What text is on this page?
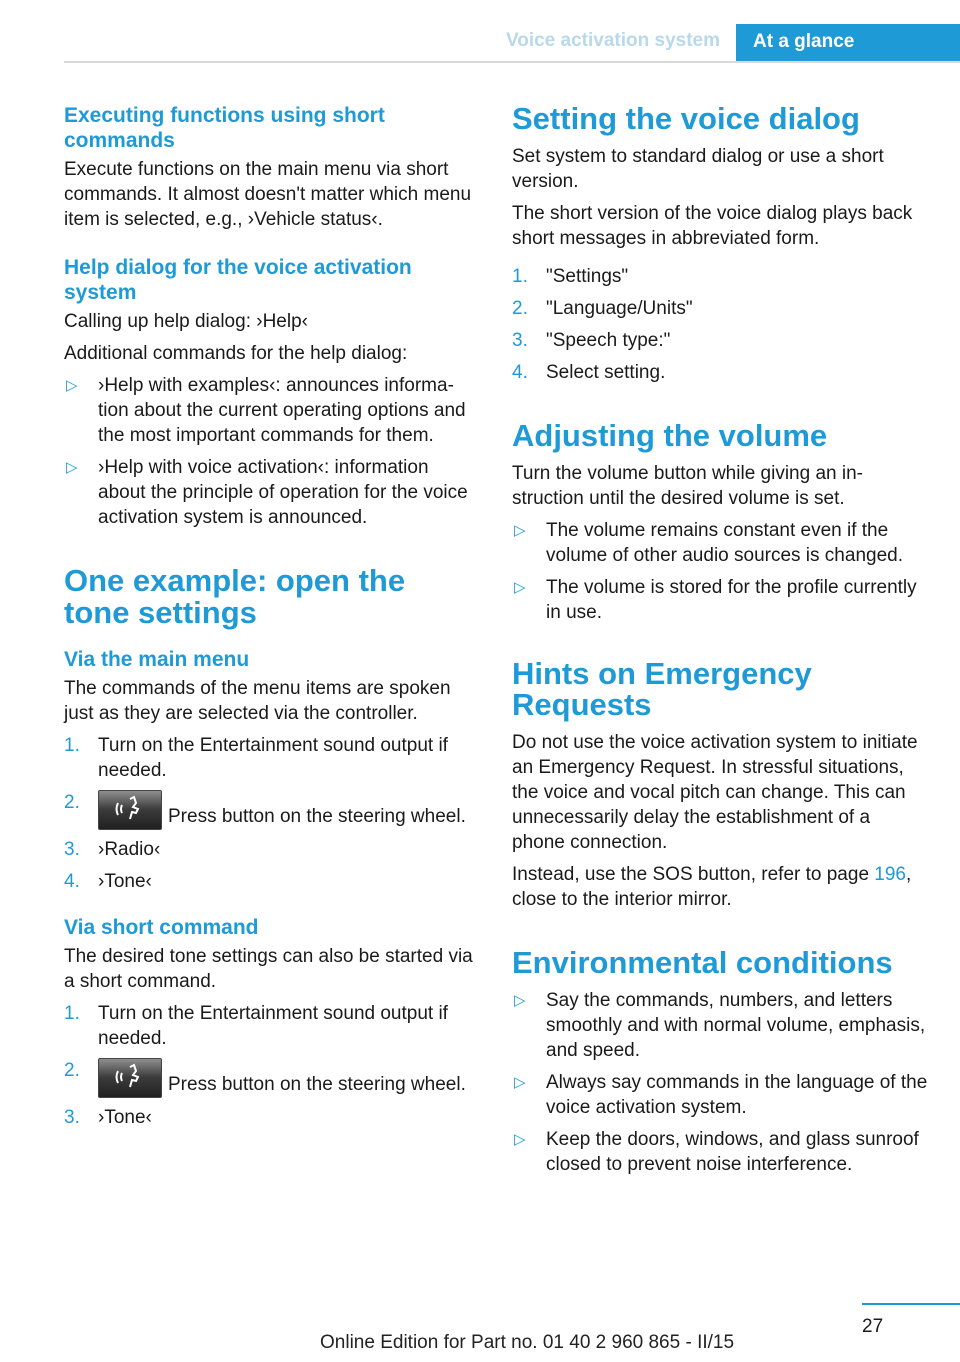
Voice activation system	At a glance
Executing functions using short commands

Execute functions on the main menu via short commands. It almost doesn't matter which menu item is selected, e.g., ›Vehicle status‹.

Help dialog for the voice activation system

Calling up help dialog: ›Help‹

Additional commands for the help dialog:

▷ ›Help with examples‹: announces information about the current operating options and the most important commands for them.
▷ ›Help with voice activation‹: information about the principle of operation for the voice activation system is announced.
One example: open the tone settings
Via the main menu

The commands of the menu items are spoken just as they are selected via the controller.

1. Turn on the Entertainment sound output if needed.
2.
Press button on the steering wheel.
3. ›Radio‹
4. ›Tone‹
Via short command

The desired tone settings can also be started via a short command.

1. Turn on the Entertainment sound output if needed.
2.
Press button on the steering wheel.
3. ›Tone‹
Setting the voice dialog

Set system to standard dialog or use a short version.

The short version of the voice dialog plays back short messages in abbreviated form.

1. "Settings"
2. "Language/Units"
3. "Speech type:"
4. Select setting.
Adjusting the volume

Turn the volume button while giving an instruction until the desired volume is set.

▷ The volume remains constant even if the volume of other audio sources is changed.
▷ The volume is stored for the profile currently in use.
Hints on Emergency Requests

Do not use the voice activation system to initiate an Emergency Request. In stressful situations, the voice and vocal pitch can change. This can unnecessarily delay the establishment of a phone connection.

Instead, use the SOS button, refer to page 196, close to the interior mirror.

Environmental conditions
▷ Say the commands, numbers, and letters smoothly and with normal volume, emphasis, and speed.
▷ Always say commands in the language of the voice activation system.
▷ Keep the doors, windows, and glass sunroof closed to prevent noise interference.
27
Online Edition for Part no. 01 40 2 960 865 - II/15
